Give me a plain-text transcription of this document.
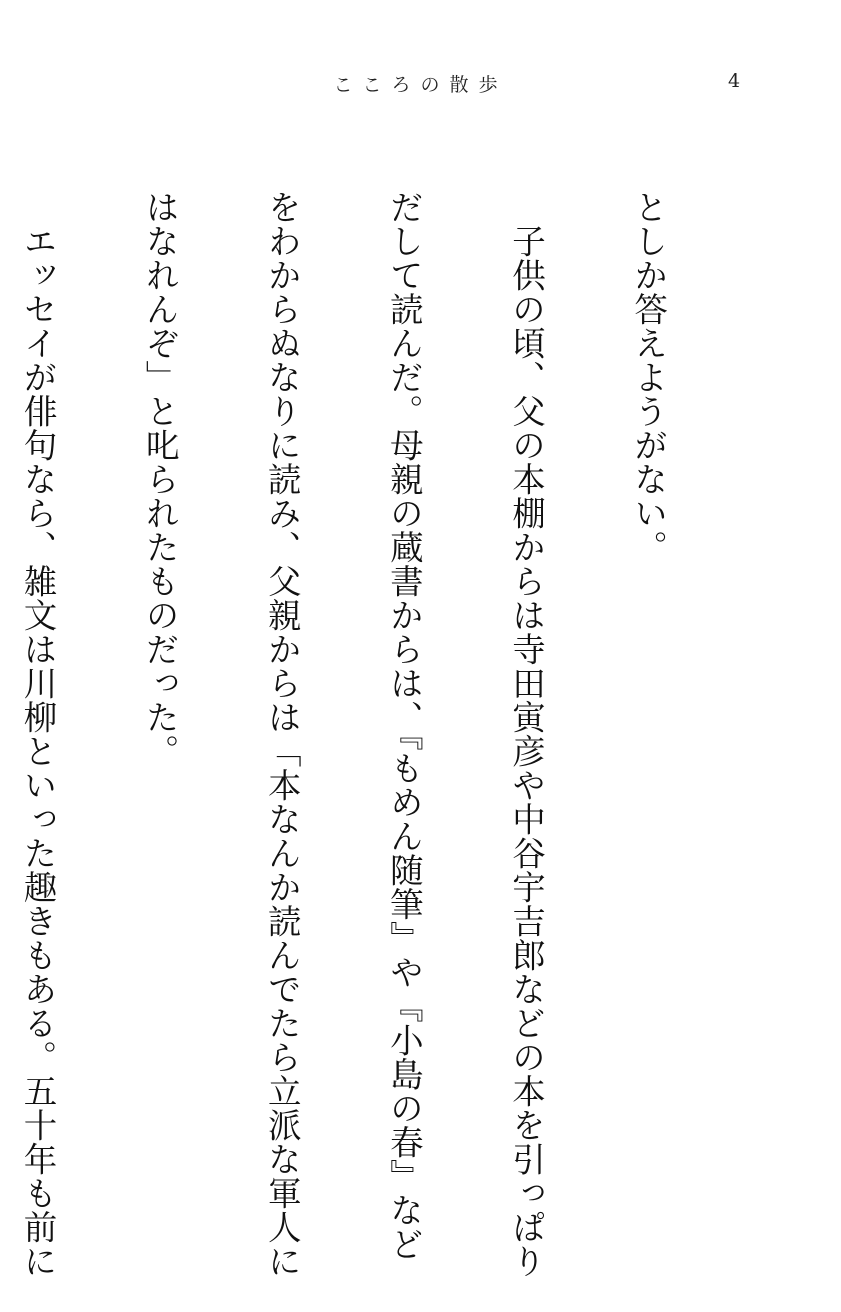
こころの散歩	4

としか答えようがない。

　子供の頃、父の本棚からは寺田寅彦や中谷宇吉郎などの本を引っぱり

だして読んだ。母親の蔵書からは、『もめん随筆』や『小島の春』など

をわからぬなりに読み、父親からは「本なんか読んでたら立派な軍人に

はなれんぞ」と叱られたものだった。

　エッセイが俳句なら、雑文は川柳といった趣きもある。五十年も前に
